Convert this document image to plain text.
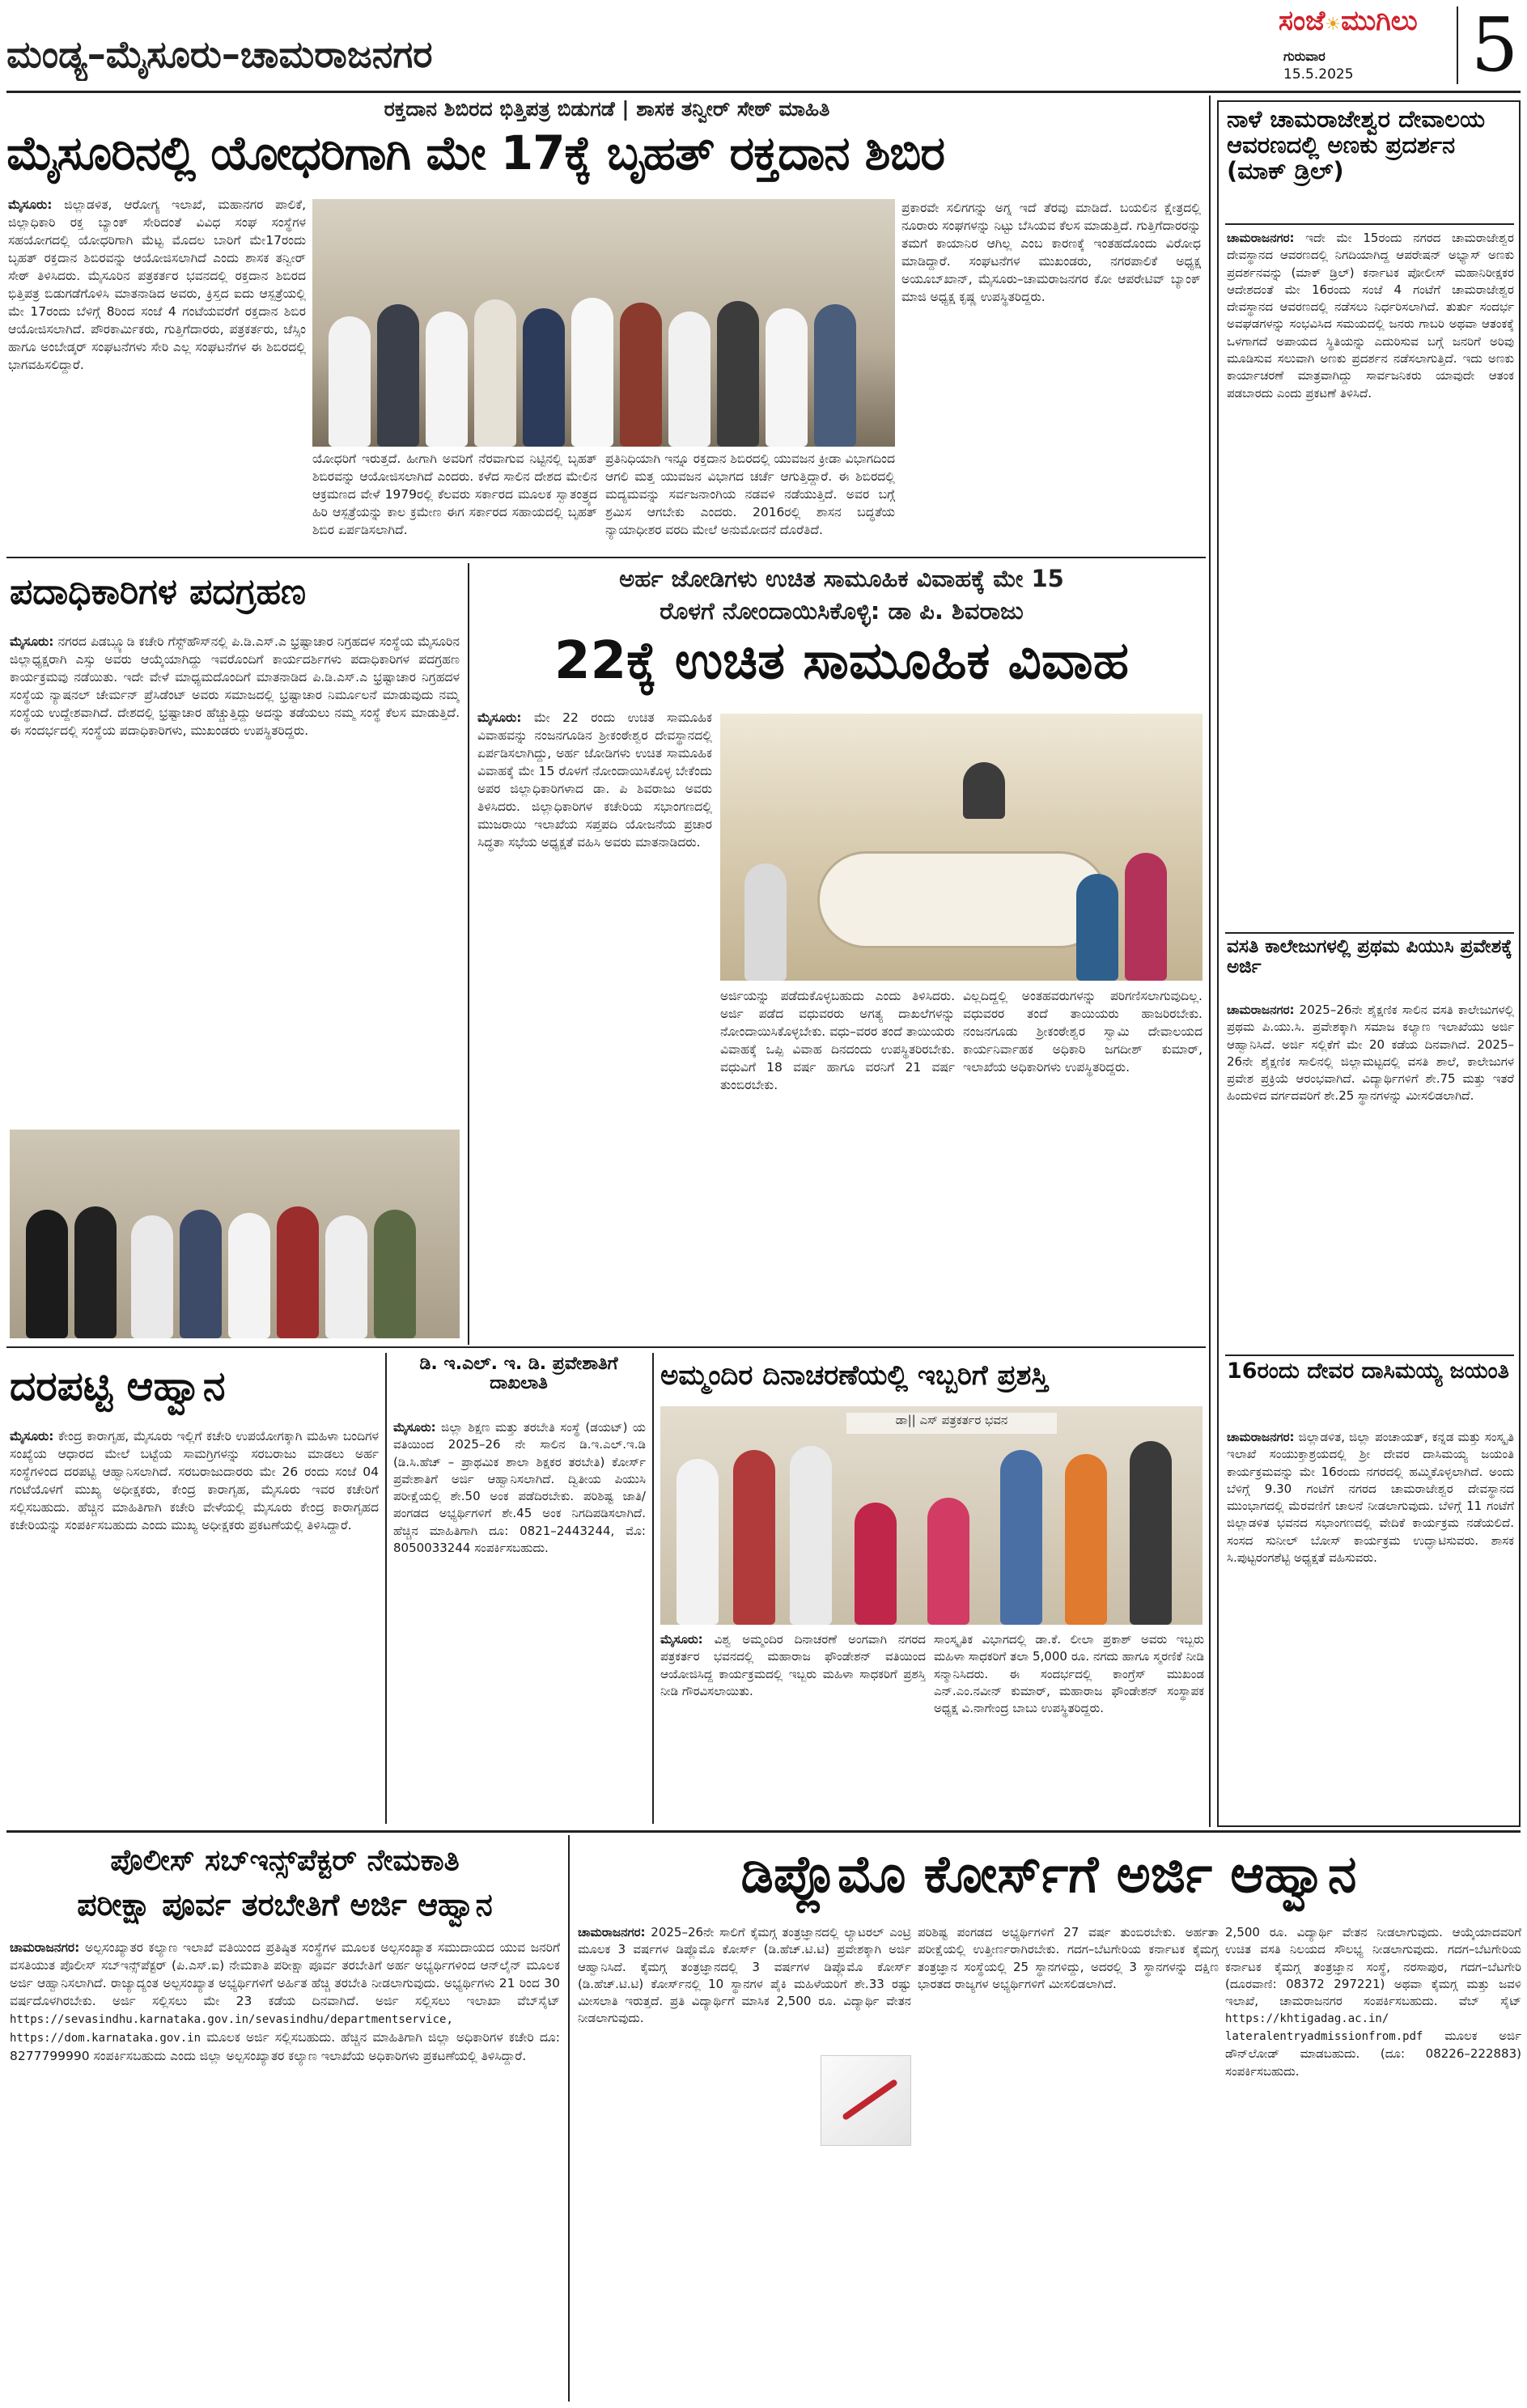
ಮಂಡ್ಯ–ಮೈಸೂರು–ಚಾಮರಾಜನಗರ
ಸಂಜೆ☀ಮುಗಿಲು
ಗುರುವಾರ
15.5.2025	5
ರಕ್ತದಾನ ಶಿಬಿರದ ಭಿತ್ತಿಪತ್ರ ಬಿಡುಗಡೆ | ಶಾಸಕ ತನ್ವೀರ್ ಸೇಠ್ ಮಾಹಿತಿ
ಮೈಸೂರಿನಲ್ಲಿ ಯೋಧರಿಗಾಗಿ ಮೇ 17ಕ್ಕೆ ಬೃಹತ್ ರಕ್ತದಾನ ಶಿಬಿರ
ಮೈಸೂರು: ಜಿಲ್ಲಾಡಳಿತ, ಆರೋಗ್ಯ ಇಲಾಖೆ, ಮಹಾನಗರ ಪಾಲಿಕೆ, ಜಿಲ್ಲಾಧಿಕಾರಿ ರಕ್ತ ಬ್ಯಾಂಕ್ ಸೇರಿದಂತೆ ವಿವಿಧ ಸಂಘ ಸಂಸ್ಥೆಗಳ ಸಹಯೋಗದಲ್ಲಿ ಯೋಧರಿಗಾಗಿ ಮೆಟ್ಟ ಮೊದಲ ಬಾರಿಗೆ ಮೇ17ರಂದು ಬೃಹತ್ ರಕ್ತದಾನ ಶಿಬಿರವನ್ನು ಆಯೋಜಿಸಲಾಗಿದೆ ಎಂದು ಶಾಸಕ ತನ್ವೀರ್ ಸೇಠ್ ತಿಳಿಸಿದರು. ಮೈಸೂರಿನ ಪತ್ರಕರ್ತರ ಭವನದಲ್ಲಿ ರಕ್ತದಾನ ಶಿಬಿರದ ಭಿತ್ತಿಪತ್ರ ಬಿಡುಗಡೆಗೊಳಿಸಿ ಮಾತನಾಡಿದ ಅವರು, ಕ್ರಿಸ್ತದ ಐದು ಆಸ್ಪತ್ರೆಯಲ್ಲಿ ಮೇ 17ರಂದು ಬೆಳಿಗ್ಗೆ 8ರಿಂದ ಸಂಜೆ 4 ಗಂಟೆಯವರೆಗೆ ರಕ್ತದಾನ ಶಿಬಿರ ಆಯೋಜಿಸಲಾಗಿದೆ. ಪೌರಕಾರ್ಮಿಕರು, ಗುತ್ತಿಗೆದಾರರು, ಪತ್ರಕರ್ತರು, ಜೆಸ್ಸಿಂ ಹಾಗೂ ಅಂಬೇಡ್ಕರ್ ಸಂಘಟನೆಗಳು ಸೇರಿ ಎಲ್ಲ ಸಂಘಟನೆಗಳ ಈ ಶಿಬಿರದಲ್ಲಿ ಭಾಗವಹಿಸಲಿದ್ದಾರೆ.
ಯೋಧರಿಗೆ ಇರುತ್ತದೆ. ಹೀಗಾಗಿ ಅವರಿಗೆ ನೆರವಾಗುವ ನಿಟ್ಟಿನಲ್ಲಿ ಬೃಹತ್ ಶಿಬಿರವನ್ನು ಆಯೋಜಿಸಲಾಗಿದೆ ಎಂದರು. ಕಳೆದ ಸಾಲಿನ ದೇಶದ ಮೇಲಿನ ಆಕ್ರಮಣದ ವೇಳೆ 1979ರಲ್ಲಿ ಕೆಲವರು ಸರ್ಕಾರದ ಮೂಲಕ ಸ್ವಾತಂತ್ರ್ಯದ ಹಿರಿ ಆಸ್ಪತ್ರೆಯನ್ನು ಕಾಲ ಕ್ರಮೇಣ ಈಗ ಸರ್ಕಾರದ ಸಹಾಯದಲ್ಲಿ ಬೃಹತ್ ಶಿಬಿರ ಏರ್ಪಡಿಸಲಾಗಿದೆ.
ಪ್ರತಿನಿಧಿಯಾಗಿ ಇನ್ನೂ ರಕ್ತದಾನ ಶಿಬಿರದಲ್ಲಿ ಯುವಜನ ಕ್ರೀಡಾ ವಿಭಾಗದಿಂದ ಆಗಲಿ ಮತ್ತ ಯುವಜನ ವಿಭಾಗದ ಚರ್ಚೆ ಆಗುತ್ತಿದ್ದಾರೆ. ಈ ಶಿಬಿರದಲ್ಲಿ ಮದ್ಯಮವನ್ನು ಸರ್ವಜನಾಂಗಿಯ ನಡವಳಿ ನಡೆಯುತ್ತಿದೆ. ಅವರ ಬಗ್ಗೆ ಶ್ರಮಿಸ ಆಗಬೇಕು ಎಂದರು. 2016ರಲ್ಲಿ ಶಾಸನ ಬದ್ಧತೆಯ ನ್ಯಾಯಾಧೀಶರ ವರದಿ ಮೇಲೆ ಅನುಮೋದನೆ ದೊರೆತಿದೆ.
ಪ್ರಕಾರವೇ ಸಲಿಗಗನ್ನು ಅಗ್ನ ಇದೆ ತೆರವು ಮಾಡಿದೆ. ಬಯಲಿನ ಕ್ಷೇತ್ರದಲ್ಲಿ ನೂರಾರು ಸಂಘಗಳನ್ನು ನಿಟ್ಟು ಬೆಸಿಯವ ಕೆಲಸ ಮಾಡುತ್ತಿದೆ. ಗುತ್ತಿಗೆದಾರರನ್ನು ತಮಗೆ ಕಾಯಾನಿರ ಆಗಿಲ್ಲ ಎಂಬ ಕಾರಣಕ್ಕೆ ಇಂತಹದೊಂದು ವಿರೋಧ ಮಾಡಿದ್ದಾರೆ. ಸಂಘಟನೆಗಳ ಮುಖಂಡರು, ನಗರಪಾಲಿಕೆ ಅಧ್ಯಕ್ಷ ಅಯೂಬ್‌ಖಾನ್, ಮೈಸೂರು–ಚಾಮರಾಜನಗರ ಕೋ ಆಪರೇಟಿವ್ ಬ್ಯಾಂಕ್ ಮಾಜಿ ಅಧ್ಯಕ್ಷ ಕೃಷ್ಣ ಉಪಸ್ಥಿತರಿದ್ದರು.
ನಾಳೆ ಚಾಮರಾಜೇಶ್ವರ ದೇವಾಲಯ ಆವರಣದಲ್ಲಿ ಅಣಕು ಪ್ರದರ್ಶನ (ಮಾಕ್ ಡ್ರಿಲ್)
ಚಾಮರಾಜನಗರ: ಇದೇ ಮೇ 15ರಂದು ನಗರದ ಚಾಮರಾಜೇಶ್ವರ ದೇವಸ್ಥಾನದ ಆವರಣದಲ್ಲಿ ನಿಗದಿಯಾಗಿದ್ದ ಆಪರೇಷನ್ ಅಭ್ಯಾಸ್ ಅಣಕು ಪ್ರದರ್ಶನವನ್ನು (ಮಾಕ್ ಡ್ರಿಲ್) ಕರ್ನಾಟಕ ಪೋಲೀಸ್ ಮಹಾನಿರೀಕ್ಷಕರ ಆದೇಶದಂತೆ ಮೇ 16ರಂದು ಸಂಜೆ 4 ಗಂಟೆಗೆ ಚಾಮರಾಜೇಶ್ವರ ದೇವಸ್ಥಾನದ ಆವರಣದಲ್ಲಿ ನಡೆಸಲು ನಿರ್ಧರಿಸಲಾಗಿದೆ. ತುರ್ತು ಸಂದರ್ಭ ಅವಘಡಗಳನ್ನು ಸಂಭವಿಸಿದ ಸಮಯದಲ್ಲಿ ಜನರು ಗಾಬರಿ ಅಥವಾ ಆತಂಕಕ್ಕೆ ಒಳಗಾಗದೆ ಅಪಾಯದ ಸ್ಥಿತಿಯನ್ನು ಎದುರಿಸುವ ಬಗ್ಗೆ ಜನರಿಗೆ ಅರಿವು ಮೂಡಿಸುವ ಸಲುವಾಗಿ ಅಣಕು ಪ್ರದರ್ಶನ ನಡೆಸಲಾಗುತ್ತಿದೆ. ಇದು ಅಣಕು ಕಾರ್ಯಾಚರಣೆ ಮಾತ್ರವಾಗಿದ್ದು ಸಾರ್ವಜನಿಕರು ಯಾವುದೇ ಆತಂಕ ಪಡಬಾರದು ಎಂದು ಪ್ರಕಟಣೆ ತಿಳಿಸಿದೆ.
ವಸತಿ ಕಾಲೇಜುಗಳಲ್ಲಿ ಪ್ರಥಮ ಪಿಯುಸಿ ಪ್ರವೇಶಕ್ಕೆ ಅರ್ಜಿ
ಚಾಮರಾಜನಗರ: 2025–26ನೇ ಶೈಕ್ಷಣಿಕ ಸಾಲಿನ ವಸತಿ ಕಾಲೇಜುಗಳಲ್ಲಿ ಪ್ರಥಮ ಪಿ.ಯು.ಸಿ. ಪ್ರವೇಶಕ್ಕಾಗಿ ಸಮಾಜ ಕಲ್ಯಾಣ ಇಲಾಖೆಯು ಅರ್ಜಿ ಆಹ್ವಾನಿಸಿದೆ. ಅರ್ಜಿ ಸಲ್ಲಿಕೆಗೆ ಮೇ 20 ಕಡೆಯ ದಿನವಾಗಿದೆ. 2025–26ನೇ ಶೈಕ್ಷಣಿಕ ಸಾಲಿನಲ್ಲಿ ಜಿಲ್ಲಾಮಟ್ಟದಲ್ಲಿ ವಸತಿ ಶಾಲೆ, ಕಾಲೇಜುಗಳ ಪ್ರವೇಶ ಪ್ರಕ್ರಿಯೆ ಆರಂಭವಾಗಿದೆ. ವಿದ್ಯಾರ್ಥಿಗಳಿಗೆ ಶೇ.75 ಮತ್ತು ಇತರೆ ಹಿಂದುಳಿದ ವರ್ಗದವರಿಗೆ ಶೇ.25 ಸ್ಥಾನಗಳನ್ನು ಮೀಸಲಿಡಲಾಗಿದೆ.
16ರಂದು ದೇವರ ದಾಸಿಮಯ್ಯ ಜಯಂತಿ
ಚಾಮರಾಜನಗರ: ಜಿಲ್ಲಾಡಳಿತ, ಜಿಲ್ಲಾ ಪಂಚಾಯತ್, ಕನ್ನಡ ಮತ್ತು ಸಂಸ್ಕೃತಿ ಇಲಾಖೆ ಸಂಯುಕ್ತಾಶ್ರಯದಲ್ಲಿ ಶ್ರೀ ದೇವರ ದಾಸಿಮಯ್ಯ ಜಯಂತಿ ಕಾರ್ಯಕ್ರಮವನ್ನು ಮೇ 16ರಂದು ನಗರದಲ್ಲಿ ಹಮ್ಮಿಕೊಳ್ಳಲಾಗಿದೆ. ಅಂದು ಬೆಳಿಗ್ಗೆ 9.30 ಗಂಟೆಗೆ ನಗರದ ಚಾಮರಾಜೇಶ್ವರ ದೇವಸ್ಥಾನದ ಮುಂಭಾಗದಲ್ಲಿ ಮೆರವಣಿಗೆ ಚಾಲನೆ ನೀಡಲಾಗುವುದು. ಬೆಳಿಗ್ಗೆ 11 ಗಂಟೆಗೆ ಜಿಲ್ಲಾಡಳಿತ ಭವನದ ಸಭಾಂಗಣದಲ್ಲಿ ವೇದಿಕೆ ಕಾರ್ಯಕ್ರಮ ನಡೆಯಲಿದೆ. ಸಂಸದ ಸುನೀಲ್ ಬೋಸ್ ಕಾರ್ಯಕ್ರಮ ಉದ್ಘಾಟಿಸುವರು. ಶಾಸಕ ಸಿ.ಪುಟ್ಟರಂಗಶೆಟ್ಟಿ ಅಧ್ಯಕ್ಷತೆ ವಹಿಸುವರು.
ಪದಾಧಿಕಾರಿಗಳ ಪದಗ್ರಹಣ
ಮೈಸೂರು: ನಗರದ ಪಿಡಬ್ಲ್ಯೂಡಿ ಕಚೇರಿ ಗೆಸ್ಟ್‌ಹೌಸ್‌ನಲ್ಲಿ ಪಿ.ಡಿ.ಎಸ್.ಎ ಭ್ರಷ್ಟಾಚಾರ ನಿಗ್ರಹದಳ ಸಂಸ್ಥೆಯ ಮೈಸೂರಿನ ಜಿಲ್ಲಾಧ್ಯಕ್ಷರಾಗಿ ಎಸ್ಸು ಅವರು ಆಯ್ಕೆಯಾಗಿದ್ದು ಇವರೊಂದಿಗೆ ಕಾರ್ಯದರ್ಶಿಗಳು ಪದಾಧಿಕಾರಿಗಳ ಪದಗ್ರಹಣ ಕಾರ್ಯಕ್ರಮವು ನಡೆಯಿತು. ಇದೇ ವೇಳೆ ಮಾಧ್ಯಮದೊಂದಿಗೆ ಮಾತನಾಡಿದ ಪಿ.ಡಿ.ಎಸ್.ಎ ಭ್ರಷ್ಟಾಚಾರ ನಿಗ್ರಹದಳ ಸಂಸ್ಥೆಯ ನ್ಯಾಷನಲ್ ಚೇರ್ಮನ್ ಪ್ರೆಸಿಡೆಂಟ್ ಅವರು ಸಮಾಜದಲ್ಲಿ ಭ್ರಷ್ಟಾಚಾರ ನಿರ್ಮೂಲನೆ ಮಾಡುವುದು ನಮ್ಮ ಸಂಸ್ಥೆಯ ಉದ್ದೇಶವಾಗಿದೆ. ದೇಶದಲ್ಲಿ ಭ್ರಷ್ಟಾಚಾರ ಹೆಚ್ಚುತ್ತಿದ್ದು ಅದನ್ನು ತಡೆಯಲು ನಮ್ಮ ಸಂಸ್ಥೆ ಕೆಲಸ ಮಾಡುತ್ತಿದೆ. ಈ ಸಂದರ್ಭದಲ್ಲಿ ಸಂಸ್ಥೆಯ ಪದಾಧಿಕಾರಿಗಳು, ಮುಖಂಡರು ಉಪಸ್ಥಿತರಿದ್ದರು.
ಅರ್ಹ ಜೋಡಿಗಳು ಉಚಿತ ಸಾಮೂಹಿಕ ವಿವಾಹಕ್ಕೆ ಮೇ 15
ರೊಳಗೆ ನೋಂದಾಯಿಸಿಕೊಳ್ಳಿ: ಡಾ ಪಿ. ಶಿವರಾಜು
22ಕ್ಕೆ ಉಚಿತ ಸಾಮೂಹಿಕ ವಿವಾಹ
ಮೈಸೂರು: ಮೇ 22 ರಂದು ಉಚಿತ ಸಾಮೂಹಿಕ ವಿವಾಹವನ್ನು ನಂಜನಗೂಡಿನ ಶ್ರೀಕಂಠೇಶ್ವರ ದೇವಸ್ಥಾನದಲ್ಲಿ ಏರ್ಪಡಿಸಲಾಗಿದ್ದು, ಅರ್ಹ ಜೋಡಿಗಳು ಉಚಿತ ಸಾಮೂಹಿಕ ವಿವಾಹಕ್ಕೆ ಮೇ 15 ರೊಳಗೆ ನೋಂದಾಯಿಸಿಕೊಳ್ಳ ಬೇಕೆಂದು ಅಪರ ಜಿಲ್ಲಾಧಿಕಾರಿಗಳಾದ ಡಾ. ಪಿ ಶಿವರಾಜು ಅವರು ತಿಳಿಸಿದರು. ಜಿಲ್ಲಾಧಿಕಾರಿಗಳ ಕಚೇರಿಯ ಸಭಾಂಗಣದಲ್ಲಿ ಮುಜರಾಯಿ ಇಲಾಖೆಯ ಸಪ್ತಪದಿ ಯೋಜನೆಯ ಪ್ರಚಾರ ಸಿದ್ಧತಾ ಸಭೆಯ ಅಧ್ಯಕ್ಷತೆ ವಹಿಸಿ ಅವರು ಮಾತನಾಡಿದರು.
ಅರ್ಜಿಯನ್ನು ಪಡೆದುಕೊಳ್ಳಬಹುದು ಎಂದು ತಿಳಿಸಿದರು. ಅರ್ಜಿ ಪಡೆದ ವಧುವರರು ಅಗತ್ಯ ದಾಖಲೆಗಳನ್ನು ನೋಂದಾಯಿಸಿಕೊಳ್ಳಬೇಕು. ವಧು–ವರರ ತಂದೆ ತಾಯಿಯರು ವಿವಾಹಕ್ಕೆ ಒಪ್ಪಿ ವಿವಾಹ ದಿನದಂದು ಉಪಸ್ಥಿತರಿರಬೇಕು. ವಧುವಿಗೆ 18 ವರ್ಷ ಹಾಗೂ ವರನಿಗೆ 21 ವರ್ಷ ತುಂಬಿರಬೇಕು.
ವಿಲ್ಲದಿದ್ದಲ್ಲಿ ಅಂತಹವರುಗಳನ್ನು ಪರಿಗಣಿಸಲಾಗುವುದಿಲ್ಲ. ವಧುವರರ ತಂದೆ ತಾಯಿಯರು ಹಾಜರಿರಬೇಕು. ನಂಜನಗೂಡು ಶ್ರೀಕಂಠೇಶ್ವರ ಸ್ವಾಮಿ ದೇವಾಲಯದ ಕಾರ್ಯನಿರ್ವಾಹಕ ಅಧಿಕಾರಿ ಜಗದೀಶ್ ಕುಮಾರ್, ಇಲಾಖೆಯ ಅಧಿಕಾರಿಗಳು ಉಪಸ್ಥಿತರಿದ್ದರು.
ದರಪಟ್ಟಿ ಆಹ್ವಾನ
ಮೈಸೂರು: ಕೇಂದ್ರ ಕಾರಾಗೃಹ, ಮೈಸೂರು ಇಲ್ಲಿಗೆ ಕಚೇರಿ ಉಪಯೋಗಕ್ಕಾಗಿ ಮಹಿಳಾ ಬಂದಿಗಳ ಸಂಖ್ಯೆಯ ಆಧಾರದ ಮೇಲೆ ಬಟ್ಟೆಯ ಸಾಮಗ್ರಿಗಳನ್ನು ಸರಬರಾಜು ಮಾಡಲು ಅರ್ಹ ಸಂಸ್ಥೆಗಳಿಂದ ದರಪಟ್ಟಿ ಆಹ್ವಾನಿಸಲಾಗಿದೆ. ಸರಬರಾಜುದಾರರು ಮೇ 26 ರಂದು ಸಂಜೆ 04 ಗಂಟೆಯೊಳಗೆ ಮುಖ್ಯ ಅಧೀಕ್ಷಕರು, ಕೇಂದ್ರ ಕಾರಾಗೃಹ, ಮೈಸೂರು ಇವರ ಕಚೇರಿಗೆ ಸಲ್ಲಿಸಬಹುದು. ಹೆಚ್ಚಿನ ಮಾಹಿತಿಗಾಗಿ ಕಚೇರಿ ವೇಳೆಯಲ್ಲಿ ಮೈಸೂರು ಕೇಂದ್ರ ಕಾರಾಗೃಹದ ಕಚೇರಿಯನ್ನು ಸಂಪರ್ಕಿಸಬಹುದು ಎಂದು ಮುಖ್ಯ ಅಧೀಕ್ಷಕರು ಪ್ರಕಟಣೆಯಲ್ಲಿ ತಿಳಿಸಿದ್ದಾರೆ.
ಡಿ. ಇ.ಎಲ್. ಇ. ಡಿ. ಪ್ರವೇಶಾತಿಗೆ ದಾಖಲಾತಿ
ಮೈಸೂರು: ಜಿಲ್ಲಾ ಶಿಕ್ಷಣ ಮತ್ತು ತರಬೇತಿ ಸಂಸ್ಥೆ (ಡಯಟ್) ಯ ವತಿಯಿಂದ 2025–26 ನೇ ಸಾಲಿನ ಡಿ.ಇ.ಎಲ್.ಇ.ಡಿ (ಡಿ.ಸಿ.ಹೆಚ್ – ಪ್ರಾಥಮಿಕ ಶಾಲಾ ಶಿಕ್ಷಕರ ತರಬೇತಿ) ಕೋರ್ಸ್ ಪ್ರವೇಶಾತಿಗೆ ಅರ್ಜಿ ಆಹ್ವಾನಿಸಲಾಗಿದೆ. ದ್ವಿತೀಯ ಪಿಯುಸಿ ಪರೀಕ್ಷೆಯಲ್ಲಿ ಶೇ.50 ಅಂಕ ಪಡೆದಿರಬೇಕು. ಪರಿಶಿಷ್ಟ ಜಾತಿ/ಪಂಗಡದ ಅಭ್ಯರ್ಥಿಗಳಿಗೆ ಶೇ.45 ಅಂಕ ನಿಗದಿಪಡಿಸಲಾಗಿದೆ. ಹೆಚ್ಚಿನ ಮಾಹಿತಿಗಾಗಿ ದೂ: 0821–2443244, ಮೊ: 8050033244 ಸಂಪರ್ಕಿಸಬಹುದು.
ಅಮ್ಮಂದಿರ ದಿನಾಚರಣೆಯಲ್ಲಿ ಇಬ್ಬರಿಗೆ ಪ್ರಶಸ್ತಿ
ಡಾ|| ಎಸ್ ಪತ್ರಕರ್ತರ ಭವನ
ಮೈಸೂರು: ವಿಶ್ವ ಅಮ್ಮಂದಿರ ದಿನಾಚರಣೆ ಅಂಗವಾಗಿ ನಗರದ ಪತ್ರಕರ್ತರ ಭವನದಲ್ಲಿ ಮಹಾರಾಜ ಫೌಂಡೇಶನ್ ವತಿಯಿಂದ ಆಯೋಜಿಸಿದ್ದ ಕಾರ್ಯಕ್ರಮದಲ್ಲಿ ಇಬ್ಬರು ಮಹಿಳಾ ಸಾಧಕರಿಗೆ ಪ್ರಶಸ್ತಿ ನೀಡಿ ಗೌರವಿಸಲಾಯಿತು.
ಸಾಂಸ್ಕೃತಿಕ ವಿಭಾಗದಲ್ಲಿ ಡಾ.ಕೆ. ಲೀಲಾ ಪ್ರಕಾಶ್ ಅವರು ಇಬ್ಬರು ಮಹಿಳಾ ಸಾಧಕರಿಗೆ ತಲಾ 5,000 ರೂ. ನಗದು ಹಾಗೂ ಸ್ಮರಣಿಕೆ ನೀಡಿ ಸನ್ಮಾನಿಸಿದರು. ಈ ಸಂದರ್ಭದಲ್ಲಿ ಕಾಂಗ್ರೆಸ್ ಮುಖಂಡ ಎನ್.ಎಂ.ನವೀನ್ ಕುಮಾರ್, ಮಹಾರಾಜ ಫೌಂಡೇಶನ್ ಸಂಸ್ಥಾಪಕ ಅಧ್ಯಕ್ಷ ವಿ.ನಾಗೇಂದ್ರ ಬಾಬು ಉಪಸ್ಥಿತರಿದ್ದರು.
ಪೊಲೀಸ್ ಸಬ್‌ಇನ್ಸ್‌ಪೆಕ್ಟರ್ ನೇಮಕಾತಿ
ಪರೀಕ್ಷಾ ಪೂರ್ವ ತರಬೇತಿಗೆ ಅರ್ಜಿ ಆಹ್ವಾನ
ಚಾಮರಾಜನಗರ: ಅಲ್ಪಸಂಖ್ಯಾತರ ಕಲ್ಯಾಣ ಇಲಾಖೆ ವತಿಯಿಂದ ಪ್ರತಿಷ್ಠಿತ ಸಂಸ್ಥೆಗಳ ಮೂಲಕ ಅಲ್ಪಸಂಖ್ಯಾತ ಸಮುದಾಯದ ಯುವ ಜನರಿಗೆ ವಸತಿಯುತ ಪೊಲೀಸ್ ಸಬ್‌ಇನ್ಸ್‌ಪೆಕ್ಟರ್ (ಪಿ.ಎಸ್.ಐ) ನೇಮಕಾತಿ ಪರೀಕ್ಷಾ ಪೂರ್ವ ತರಬೇತಿಗೆ ಅರ್ಹ ಅಭ್ಯರ್ಥಿಗಳಿಂದ ಆನ್‌ಲೈನ್ ಮೂಲಕ ಅರ್ಜಿ ಆಹ್ವಾನಿಸಲಾಗಿದೆ. ರಾಜ್ಯಾದ್ಯಂತ ಅಲ್ಪಸಂಖ್ಯಾತ ಅಭ್ಯರ್ಥಿಗಳಿಗೆ ಅರ್ಹಿತ ಹೆಚ್ಚಿ ತರಬೇತಿ ನೀಡಲಾಗುವುದು. ಅಭ್ಯರ್ಥಿಗಳು 21 ರಿಂದ 30 ವರ್ಷದೊಳಗಿರಬೇಕು. ಅರ್ಜಿ ಸಲ್ಲಿಸಲು ಮೇ 23 ಕಡೆಯ ದಿನವಾಗಿದೆ. ಅರ್ಜಿ ಸಲ್ಲಿಸಲು ಇಲಾಖಾ ವೆಬ್‌ಸೈಟ್ https://sevasindhu.karnataka.gov.in/sevasindhu/departmentservice, https://dom.karnataka.gov.in ಮೂಲಕ ಅರ್ಜಿ ಸಲ್ಲಿಸಬಹುದು. ಹೆಚ್ಚಿನ ಮಾಹಿತಿಗಾಗಿ ಜಿಲ್ಲಾ ಅಧಿಕಾರಿಗಳ ಕಚೇರಿ ದೂ: 8277799990 ಸಂಪರ್ಕಿಸಬಹುದು ಎಂದು ಜಿಲ್ಲಾ ಅಲ್ಪಸಂಖ್ಯಾತರ ಕಲ್ಯಾಣ ಇಲಾಖೆಯ ಅಧಿಕಾರಿಗಳು ಪ್ರಕಟಣೆಯಲ್ಲಿ ತಿಳಿಸಿದ್ದಾರೆ.
ಡಿಪ್ಲೊಮೊ ಕೋರ್ಸ್‌ಗೆ ಅರ್ಜಿ ಆಹ್ವಾನ
ಚಾಮರಾಜನಗರ: 2025–26ನೇ ಸಾಲಿಗೆ ಕೈಮಗ್ಗ ತಂತ್ರಜ್ಞಾನದಲ್ಲಿ ಲ್ಯಾಟರಲ್ ಎಂಟ್ರಿ ಮೂಲಕ 3 ವರ್ಷಗಳ ಡಿಪ್ಲೊಮೊ ಕೋರ್ಸ್ (ಡಿ.ಹೆಚ್.ಟಿ.ಟಿ) ಪ್ರವೇಶಕ್ಕಾಗಿ ಅರ್ಜಿ ಆಹ್ವಾನಿಸಿದೆ. ಕೈಮಗ್ಗ ತಂತ್ರಜ್ಞಾನದಲ್ಲಿ 3 ವರ್ಷಗಳ ಡಿಪ್ಲೊಮೊ ಕೋರ್ಸ್ (ಡಿ.ಹೆಚ್.ಟಿ.ಟಿ) ಕೋರ್ಸ್‌ನಲ್ಲಿ 10 ಸ್ಥಾನಗಳ ಪೈಕಿ ಮಹಿಳೆಯರಿಗೆ ಶೇ.33 ರಷ್ಟು ಮೀಸಲಾತಿ ಇರುತ್ತದೆ. ಪ್ರತಿ ವಿದ್ಯಾರ್ಥಿಗೆ ಮಾಸಿಕ 2,500 ರೂ. ವಿದ್ಯಾರ್ಥಿ ವೇತನ ನೀಡಲಾಗುವುದು.
ಪರಿಶಿಷ್ಟ ಪಂಗಡದ ಅಭ್ಯರ್ಥಿಗಳಿಗೆ 27 ವರ್ಷ ತುಂಬಿರಬೇಕು. ಅರ್ಹತಾ ಪರೀಕ್ಷೆಯಲ್ಲಿ ಉತ್ತೀರ್ಣರಾಗಿರಬೇಕು. ಗದಗ–ಬೆಟಗೇರಿಯ ಕರ್ನಾಟಕ ಕೈಮಗ್ಗ ತಂತ್ರಜ್ಞಾನ ಸಂಸ್ಥೆಯಲ್ಲಿ 25 ಸ್ಥಾನಗಳಿದ್ದು, ಅದರಲ್ಲಿ 3 ಸ್ಥಾನಗಳನ್ನು ದಕ್ಷಿಣ ಭಾರತದ ರಾಜ್ಯಗಳ ಅಭ್ಯರ್ಥಿಗಳಿಗೆ ಮೀಸಲಿಡಲಾಗಿದೆ.
2,500 ರೂ. ವಿದ್ಯಾರ್ಥಿ ವೇತನ ನೀಡಲಾಗುವುದು. ಆಯ್ಕೆಯಾದವರಿಗೆ ಉಚಿತ ವಸತಿ ನಿಲಯದ ಸೌಲಭ್ಯ ನೀಡಲಾಗುವುದು. ಗದಗ–ಬೆಟಗೇರಿಯ ಕರ್ನಾಟಕ ಕೈಮಗ್ಗ ತಂತ್ರಜ್ಞಾನ ಸಂಸ್ಥೆ, ನರಸಾಪುರ, ಗದಗ–ಬೆಟಗೇರಿ (ದೂರವಾಣಿ: 08372 297221) ಅಥವಾ ಕೈಮಗ್ಗ ಮತ್ತು ಜವಳಿ ಇಲಾಖೆ, ಚಾಮರಾಜನಗರ ಸಂಪರ್ಕಿಸಬಹುದು. ವೆಬ್ ಸೈಟ್ https://khtigadag.ac.in/ lateralentryadmissionfrom.pdf ಮೂಲಕ ಅರ್ಜಿ ಡೌನ್‌ಲೋಡ್ ಮಾಡಬಹುದು. (ದೂ: 08226–222883) ಸಂಪರ್ಕಿಸಬಹುದು.
